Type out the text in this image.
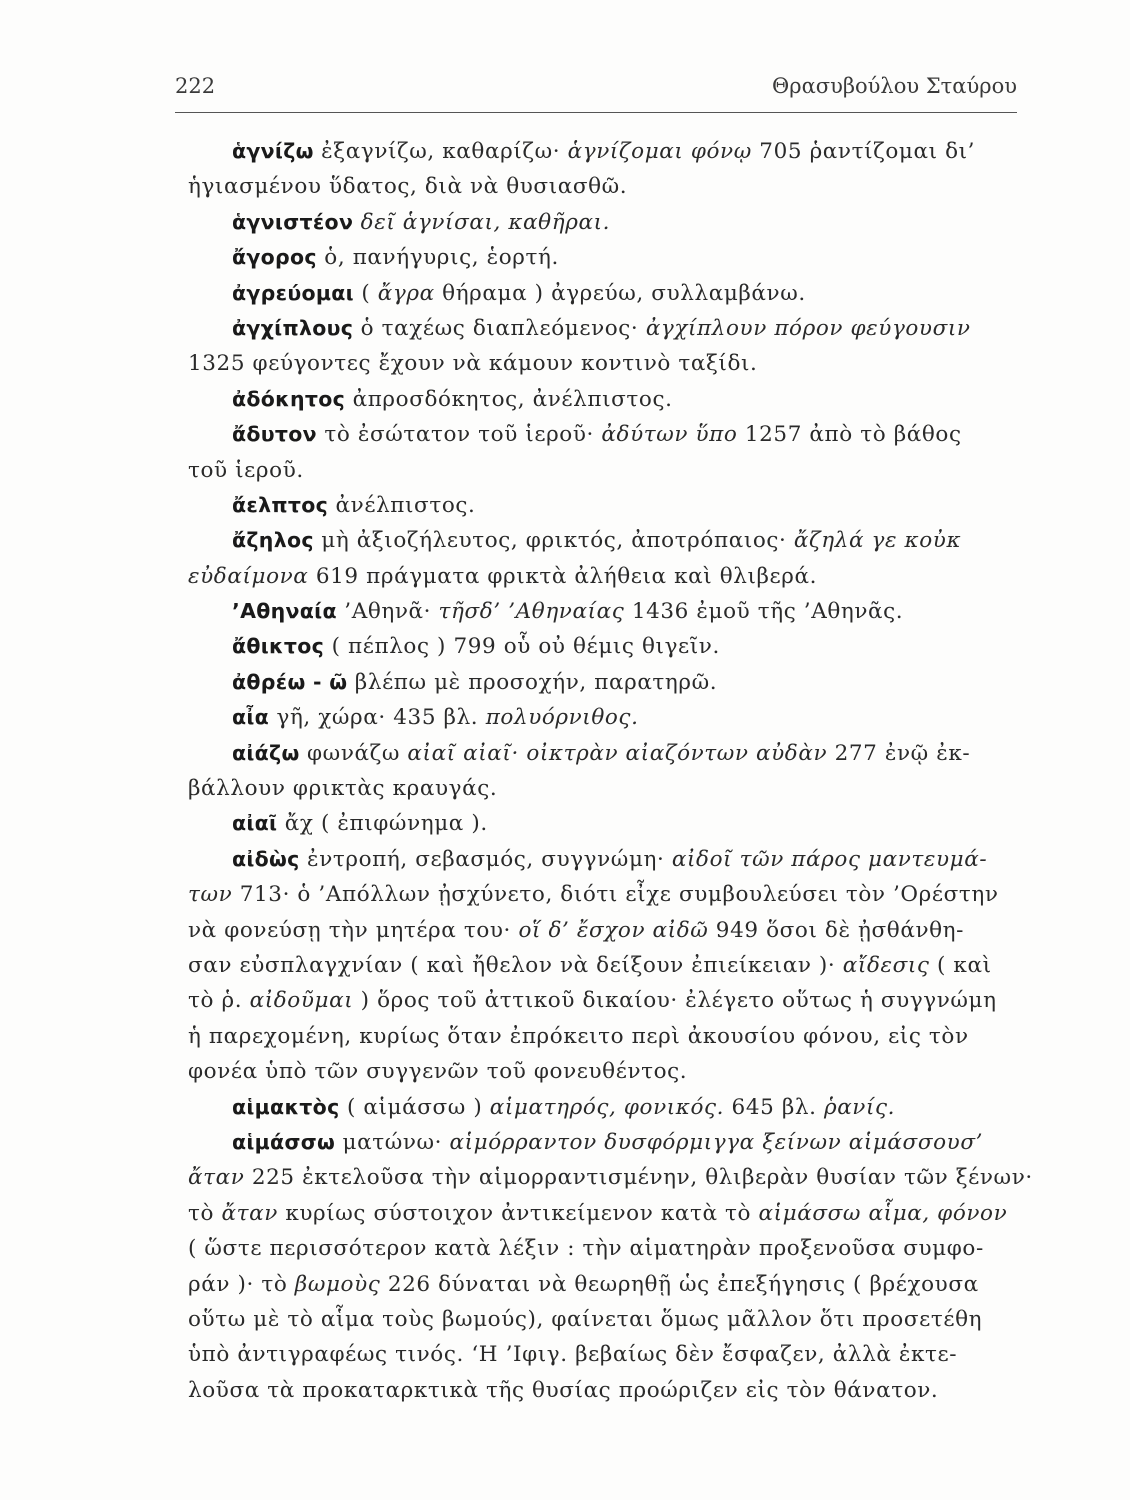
222	Θρασυβούλου Σταύρου
ἁγνίζω ἐξαγνίζω, καθαρίζω· ἁγνίζομαι φόνῳ 705 ῥαντίζομαι δι’
ἡγιασμένου ὕδατος, διὰ νὰ θυσιασθῶ.
ἁγνιστέον δεῖ ἁγνίσαι, καθῆραι.
ἄγορος ὁ, πανήγυρις, ἑορτή.
ἀγρεύομαι ( ἄγρα θήραμα ) ἀγρεύω, συλλαμβάνω.
ἀγχίπλους ὁ ταχέως διαπλεόμενος· ἀγχίπλουν πόρον φεύγουσιν
1325 φεύγοντες ἔχουν νὰ κάμουν κοντινὸ ταξίδι.
ἀδόκητος ἀπροσδόκητος, ἀνέλπιστος.
ἄδυτον τὸ ἐσώτατον τοῦ ἱεροῦ· ἀδύτων ὕπο 1257 ἀπὸ τὸ βάθος
τοῦ ἱεροῦ.
ἄελπτος ἀνέλπιστος.
ἄζηλος μὴ ἀξιοζήλευτος, φρικτός, ἀποτρόπαιος· ἄζηλά γε κοὐκ
εὐδαίμονα 619 πράγματα φρικτὰ ἀλήθεια καὶ θλιβερά.
’Αθηναία ’Αθηνᾶ· τῆσδ’ ’Αθηναίας 1436 ἐμοῦ τῆς ’Αθηνᾶς.
ἄθικτος ( πέπλος ) 799 οὗ οὐ θέμις θιγεῖν.
ἀθρέω - ῶ βλέπω μὲ προσοχήν, παρατηρῶ.
αἶα γῆ, χώρα· 435 βλ. πολυόρνιθος.
αἰάζω φωνάζω αἰαῖ αἰαῖ· οἰκτρὰν αἰαζόντων αὐδὰν 277 ἐνῷ ἐκ-
βάλλουν φρικτὰς κραυγάς.
αἰαῖ ἄχ ( ἐπιφώνημα ).
αἰδὼς ἐντροπή, σεβασμός, συγγνώμη· αἰδοῖ τῶν πάρος μαντευμά-
των 713· ὁ ’Απόλλων ᾐσχύνετο, διότι εἶχε συμβουλεύσει τὸν ’Ορέστην
νὰ φονεύσῃ τὴν μητέρα του· οἵ δ’ ἔσχον αἰδῶ 949 ὅσοι δὲ ᾐσθάνθη-
σαν εὐσπλαγχνίαν ( καὶ ἤθελον νὰ δείξουν ἐπιείκειαν )· αἴδεσις ( καὶ
τὸ ῥ. αἰδοῦμαι ) ὅρος τοῦ ἀττικοῦ δικαίου· ἐλέγετο οὕτως ἡ συγγνώμη
ἡ παρεχομένη, κυρίως ὅταν ἐπρόκειτο περὶ ἀκουσίου φόνου, εἰς τὸν
φονέα ὑπὸ τῶν συγγενῶν τοῦ φονευθέντος.
αἱμακτὸς ( αἱμάσσω ) αἱματηρός, φονικός. 645 βλ. ῥανίς.
αἱμάσσω ματώνω· αἱμόρραντον δυσφόρμιγγα ξείνων αἱμάσσουσ’
ἄταν 225 ἐκτελοῦσα τὴν αἱμορραντισμένην, θλιβερὰν θυσίαν τῶν ξένων·
τὸ ἄταν κυρίως σύστοιχον ἀντικείμενον κατὰ τὸ αἱμάσσω αἷμα, φόνον
( ὥστε περισσότερον κατὰ λέξιν : τὴν αἱματηρὰν προξενοῦσα συμφο-
ράν )· τὸ βωμοὺς 226 δύναται νὰ θεωρηθῇ ὡς ἐπεξήγησις ( βρέχουσα
οὕτω μὲ τὸ αἷμα τοὺς βωμούς), φαίνεται ὅμως μᾶλλον ὅτι προσετέθη
ὑπὸ ἀντιγραφέως τινός. ‘Η ’Ιφιγ. βεβαίως δὲν ἔσφαζεν, ἀλλὰ ἐκτε-
λοῦσα τὰ προκαταρκτικὰ τῆς θυσίας προώριζεν εἰς τὸν θάνατον.
